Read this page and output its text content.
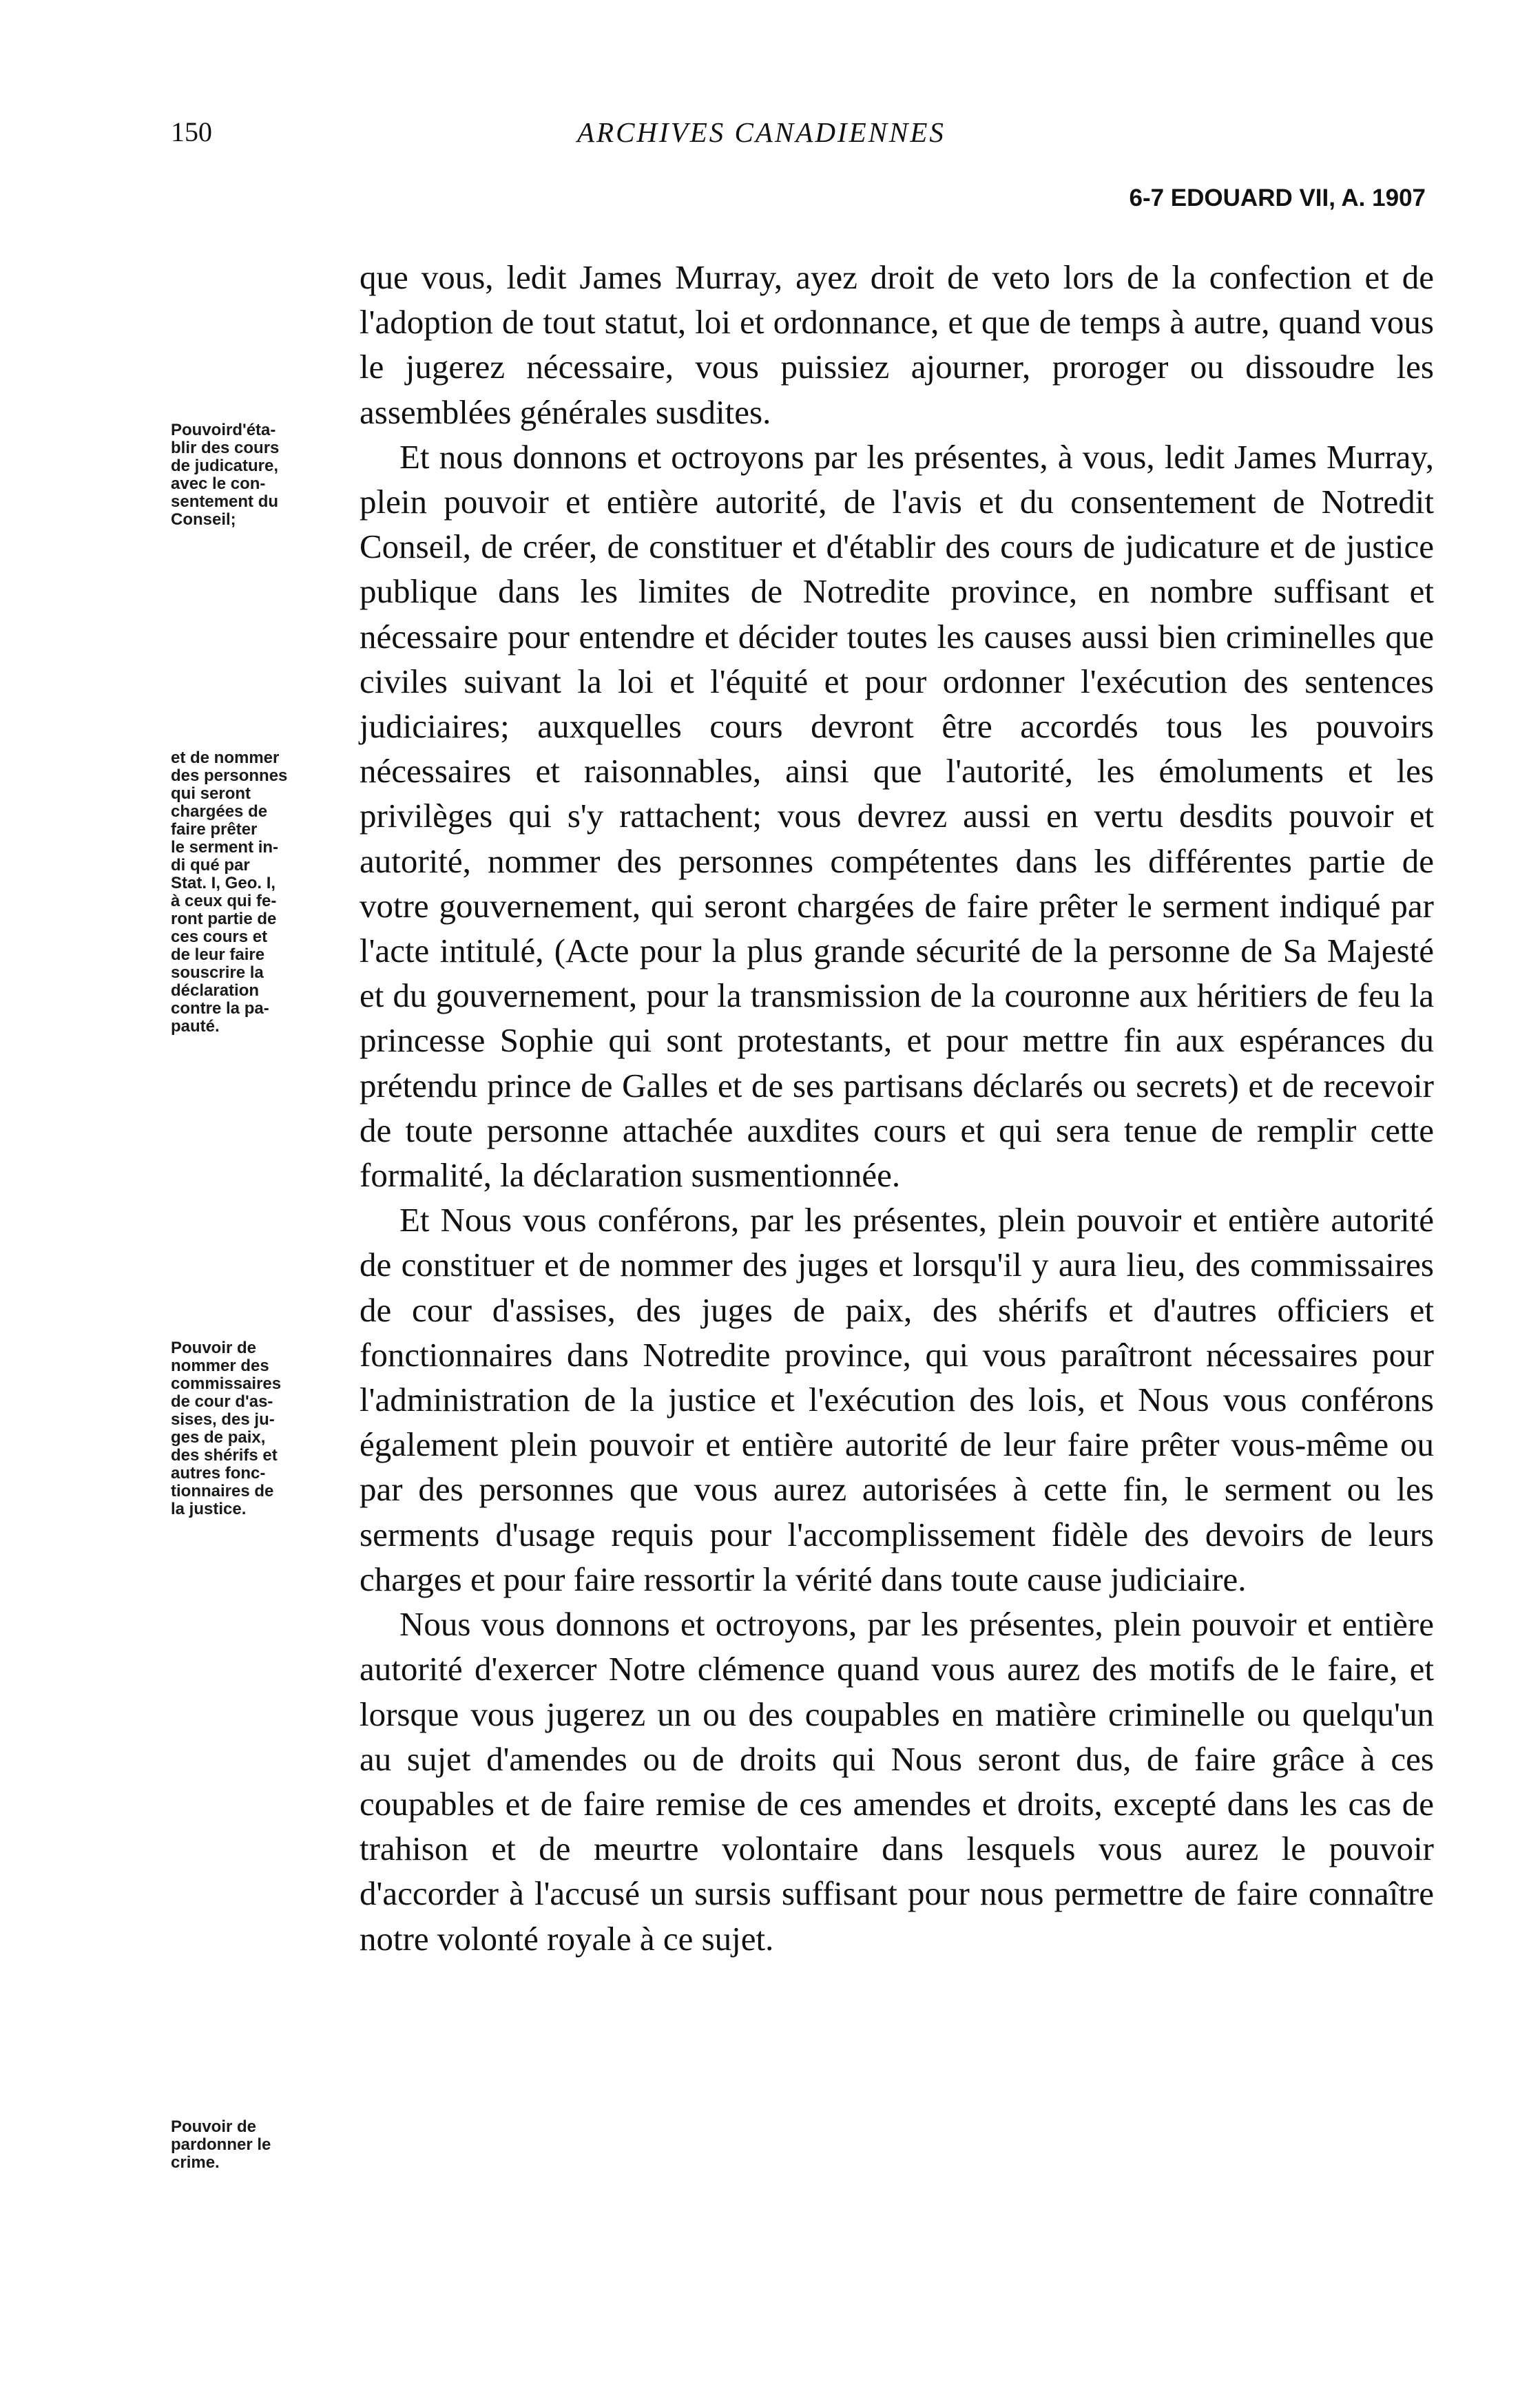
150	ARCHIVES CANADIENNES
6-7 EDOUARD VII, A. 1907
Pouvoird'éta-
blir des cours
de judicature,
avec le con-
sentement du
Conseil;
et de nommer
des personnes
qui seront
chargées de
faire prêter
le serment in-
di qué par
Stat. I, Geo. I,
à ceux qui fe-
ront partie de
ces cours et
de leur faire
souscrire la
déclaration
contre la pa-
pauté.
Pouvoir de
nommer des
commissaires
de cour d'as-
sises, des ju-
ges de paix,
des shérifs et
autres fonc-
tionnaires de
la justice.
Pouvoir de
pardonner le
crime.

que vous, ledit James Murray, ayez droit de veto lors de la confection et de l'adoption de tout statut, loi et ordonnance, et que de temps à autre, quand vous le jugerez nécessaire, vous puissiez ajourner, proroger ou dissoudre les assemblées générales susdites.

Et nous donnons et octroyons par les présentes, à vous, ledit James Murray, plein pouvoir et entière autorité, de l'avis et du consentement de Notredit Conseil, de créer, de constituer et d'établir des cours de judicature et de justice publique dans les limites de Notredite province, en nombre suffisant et nécessaire pour entendre et décider toutes les causes aussi bien criminelles que civiles suivant la loi et l'équité et pour ordonner l'exécution des sentences judiciaires; auxquelles cours devront être accordés tous les pouvoirs nécessaires et raisonnables, ainsi que l'autorité, les émoluments et les privilèges qui s'y rattachent; vous devrez aussi en vertu desdits pouvoir et autorité, nommer des personnes compétentes dans les différentes partie de votre gouvernement, qui seront chargées de faire prêter le serment indiqué par l'acte intitulé, (Acte pour la plus grande sécurité de la personne de Sa Majesté et du gouvernement, pour la transmission de la couronne aux héritiers de feu la princesse Sophie qui sont protestants, et pour mettre fin aux espérances du prétendu prince de Galles et de ses partisans déclarés ou secrets) et de recevoir de toute personne attachée auxdites cours et qui sera tenue de remplir cette formalité, la déclaration susmentionnée.

Et Nous vous conférons, par les présentes, plein pouvoir et entière autorité de constituer et de nommer des juges et lorsqu'il y aura lieu, des commissaires de cour d'assises, des juges de paix, des shérifs et d'autres officiers et fonctionnaires dans Notredite province, qui vous paraîtront nécessaires pour l'administration de la justice et l'exécution des lois, et Nous vous conférons également plein pouvoir et entière autorité de leur faire prêter vous-même ou par des personnes que vous aurez autorisées à cette fin, le serment ou les serments d'usage requis pour l'accomplissement fidèle des devoirs de leurs charges et pour faire ressortir la vérité dans toute cause judiciaire.

Nous vous donnons et octroyons, par les présentes, plein pouvoir et entière autorité d'exercer Notre clémence quand vous aurez des motifs de le faire, et lorsque vous jugerez un ou des coupables en matière criminelle ou quelqu'un au sujet d'amendes ou de droits qui Nous seront dus, de faire grâce à ces coupables et de faire remise de ces amendes et droits, excepté dans les cas de trahison et de meurtre volontaire dans lesquels vous aurez le pouvoir d'accorder à l'accusé un sursis suffisant pour nous permettre de faire connaître notre volonté royale à ce sujet.
